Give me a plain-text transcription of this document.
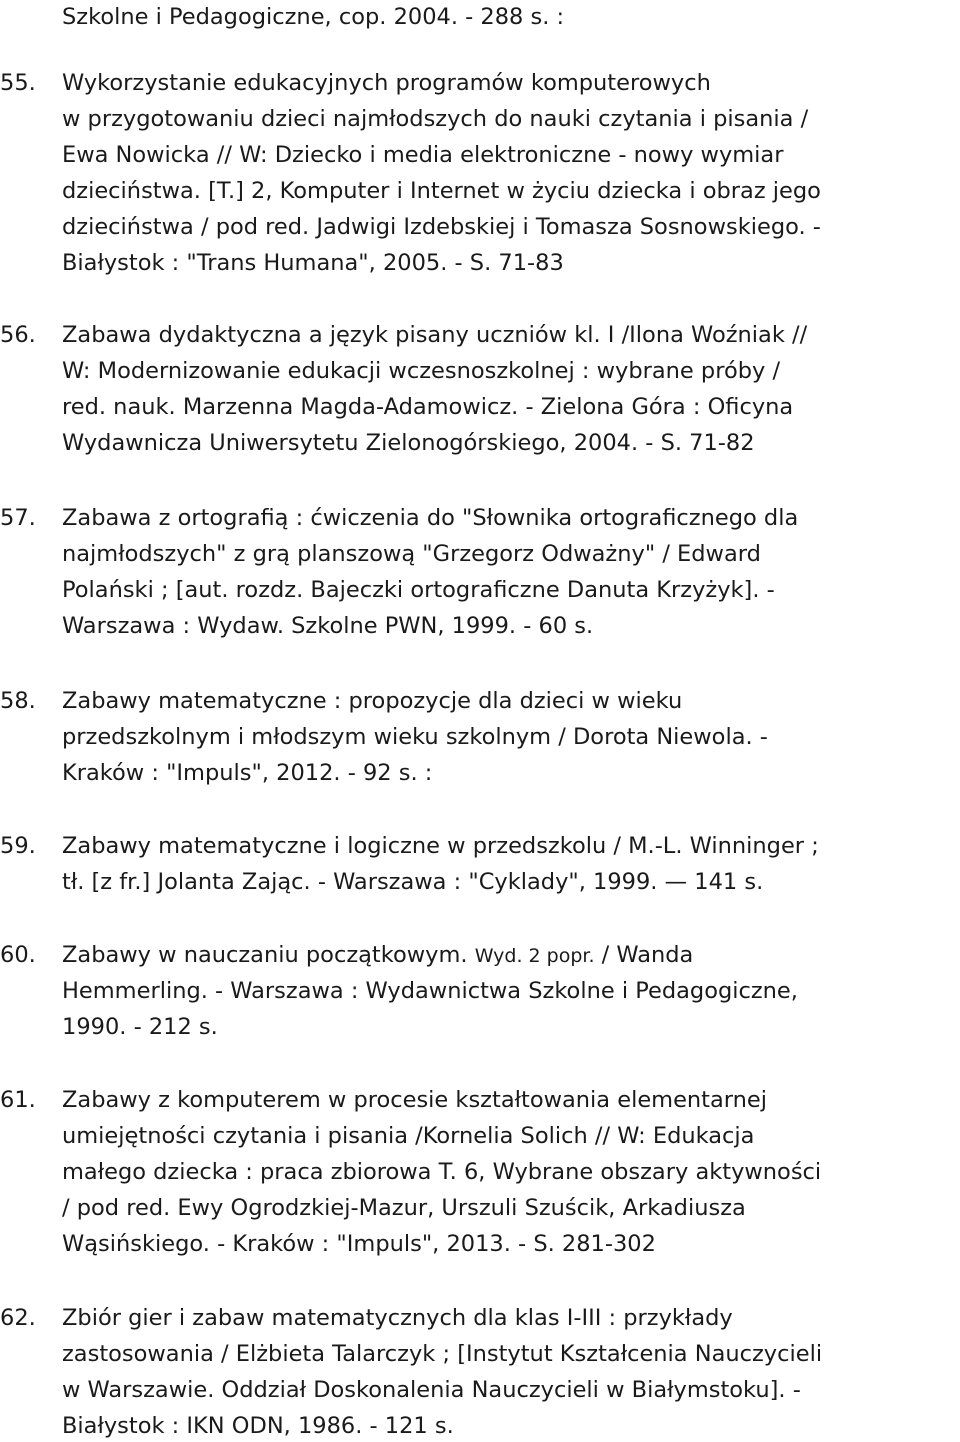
Szkolne i Pedagogiczne, cop. 2004. - 288 s. :
55. Wykorzystanie edukacyjnych programów komputerowych
w przygotowaniu dzieci najmłodszych do nauki czytania i pisania /
Ewa Nowicka // W: Dziecko i media elektroniczne - nowy wymiar
dzieciństwa. [T.] 2, Komputer i Internet w życiu dziecka i obraz jego
dzieciństwa / pod red. Jadwigi Izdebskiej i Tomasza Sosnowskiego. -
Białystok : "Trans Humana", 2005. - S. 71-83
56. Zabawa dydaktyczna a język pisany uczniów kl. I /Ilona Woźniak //
W: Modernizowanie edukacji wczesnoszkolnej : wybrane próby /
red. nauk. Marzenna Magda-Adamowicz. - Zielona Góra : Oficyna
Wydawnicza Uniwersytetu Zielonogórskiego, 2004. - S. 71-82
57. Zabawa z ortografią : ćwiczenia do "Słownika ortograficznego dla
najmłodszych" z grą planszową "Grzegorz Odważny" / Edward
Polański ; [aut. rozdz. Bajeczki ortograficzne Danuta Krzyżyk]. -
Warszawa : Wydaw. Szkolne PWN, 1999. - 60 s.
58. Zabawy matematyczne : propozycje dla dzieci w wieku
przedszkolnym i młodszym wieku szkolnym / Dorota Niewola. -
Kraków : "Impuls", 2012. - 92 s. :
59. Zabawy matematyczne i logiczne w przedszkolu / M.-L. Winninger ;
tł. [z fr.] Jolanta Zając. - Warszawa : "Cyklady", 1999. — 141 s.
60. Zabawy w nauczaniu początkowym. Wyd. 2 popr. / Wanda
Hemmerling. - Warszawa : Wydawnictwa Szkolne i Pedagogiczne,
1990. - 212 s.
61. Zabawy z komputerem w procesie kształtowania elementarnej
umiejętności czytania i pisania /Kornelia Solich // W: Edukacja
małego dziecka : praca zbiorowa T. 6, Wybrane obszary aktywności
/ pod red. Ewy Ogrodzkiej-Mazur, Urszuli Szuścik, Arkadiusza
Wąsińskiego. - Kraków : "Impuls", 2013. - S. 281-302
62. Zbiór gier i zabaw matematycznych dla klas I-III : przykłady
zastosowania / Elżbieta Talarczyk ; [Instytut Kształcenia Nauczycieli
w Warszawie. Oddział Doskonalenia Nauczycieli w Białymstoku]. -
Białystok : IKN ODN, 1986. - 121 s.
